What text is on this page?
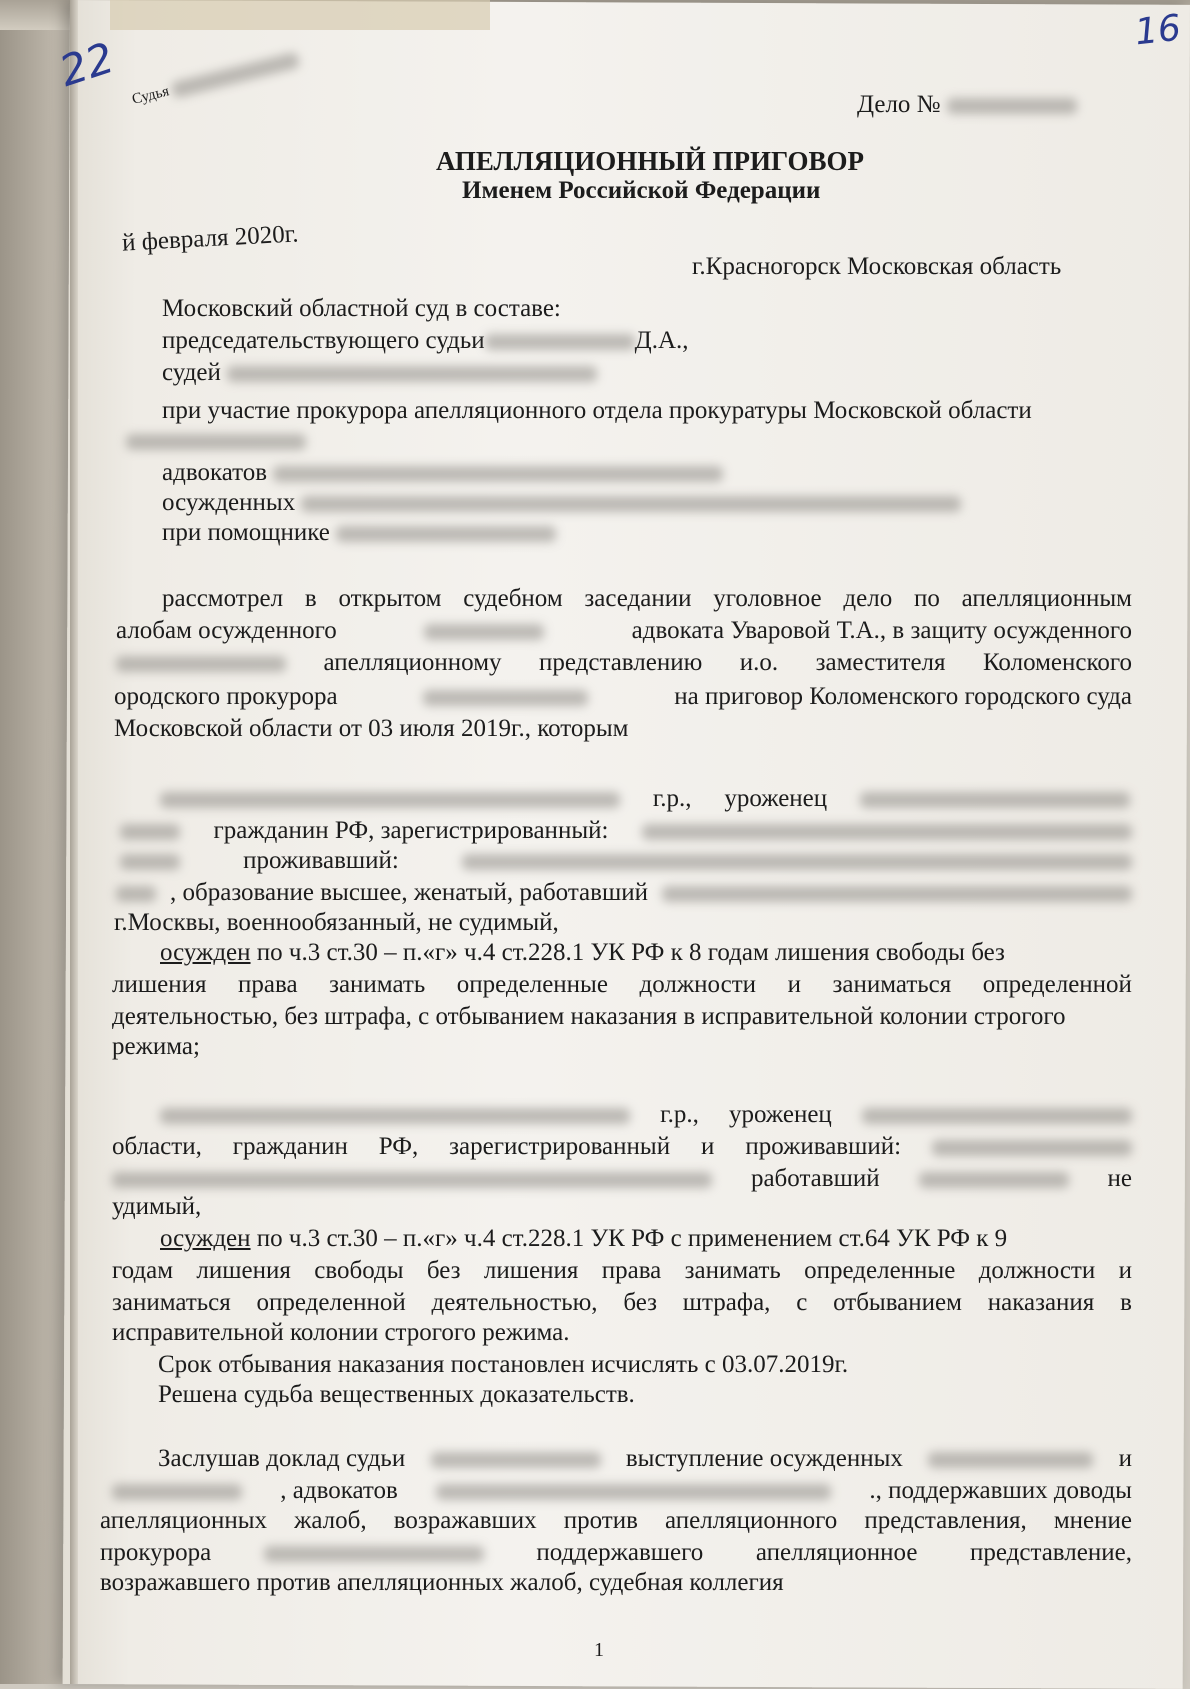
22
16
Судья	Дело №
АПЕЛЛЯЦИОННЫЙ ПРИГОВОР
Именем Российской Федерации
й февраля 2020г.
г.Красногорск Московская область
Московский областной суд в составе:
председательствующего судьи	Д.А.,
судей
при участие прокурора апелляционного отдела прокуратуры Московской области
адвокатов
осужденных
при помощнике
рассмотрел в открытом судебном заседании уголовное дело по апелляционным
алобам осужденного	адвоката Уваровой Т.А., в защиту осужденного
апелляционному представлению и.о. заместителя Коломенского
ородского прокурора	на приговор Коломенского городского суда
Московской области от 03 июля 2019г., которым
г.р., уроженец
гражданин РФ, зарегистрированный:
проживавший:
, образование высшее, женатый, работавший
г.Москвы, военнообязанный, не судимый,
осужден по ч.3 ст.30 – п.«г» ч.4 ст.228.1 УК РФ к 8 годам лишения свободы без
лишения права занимать определенные должности и заниматься определенной
деятельностью, без штрафа, с отбыванием наказания в исправительной колонии строгого
режима;
г.р., уроженец
области, гражданин РФ, зарегистрированный и проживавший:
работавший	не
удимый,
осужден по ч.3 ст.30 – п.«г» ч.4 ст.228.1 УК РФ с применением ст.64 УК РФ к 9
годам лишения свободы без лишения права занимать определенные должности и
заниматься определенной деятельностью, без штрафа, с отбыванием наказания в
исправительной колонии строгого режима.
Срок отбывания наказания постановлен исчислять с 03.07.2019г.
Решена судьба вещественных доказательств.
Заслушав доклад судьи	выступление осужденных	и
, адвокатов	., поддержавших доводы
апелляционных жалоб, возражавших против апелляционного представления, мнение
прокурора	поддержавшего апелляционное представление,
возражавшего против апелляционных жалоб, судебная коллегия
1
